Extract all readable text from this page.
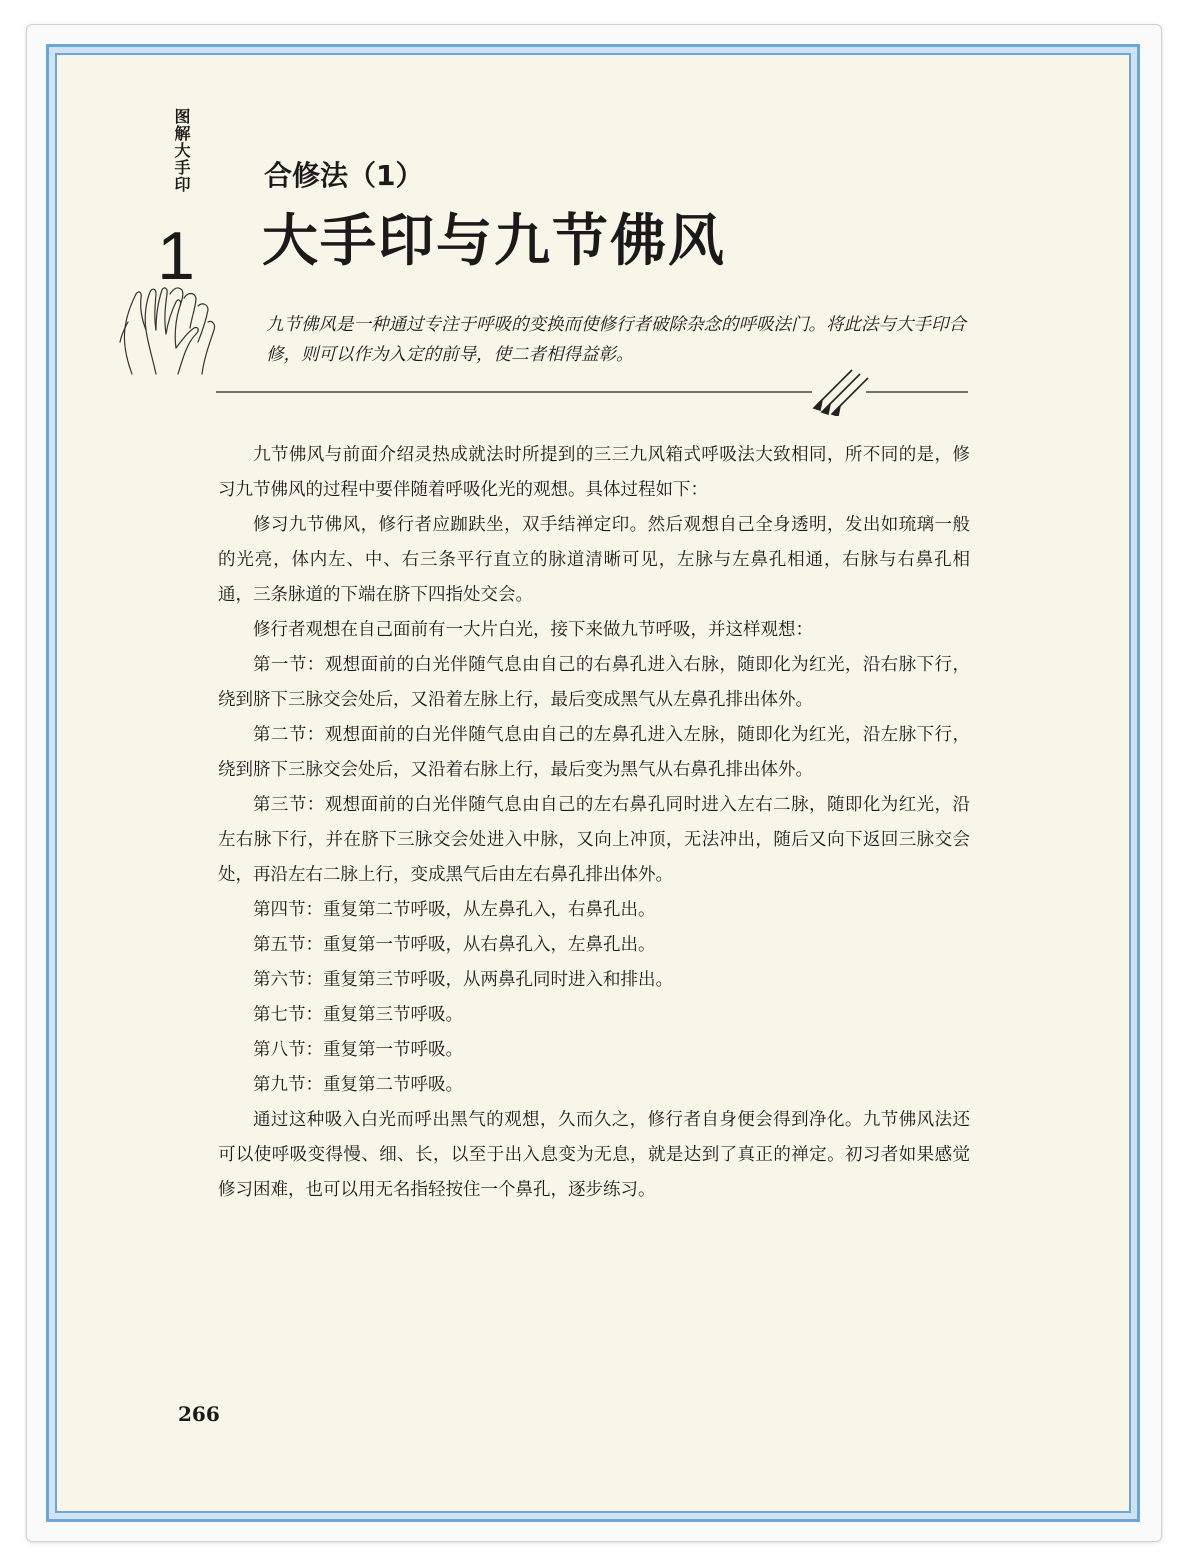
图解大手印
1
合修法（1）
大手印与九节佛风
九节佛风是一种通过专注于呼吸的变换而使修行者破除杂念的呼吸法门。将此法与大手印合修，则可以作为入定的前导，使二者相得益彰。

九节佛风与前面介绍灵热成就法时所提到的三三九风箱式呼吸法大致相同，所不同的是，修习九节佛风的过程中要伴随着呼吸化光的观想。具体过程如下：

修习九节佛风，修行者应跏趺坐，双手结禅定印。然后观想自己全身透明，发出如琉璃一般的光亮，体内左、中、右三条平行直立的脉道清晰可见，左脉与左鼻孔相通，右脉与右鼻孔相通，三条脉道的下端在脐下四指处交会。

修行者观想在自己面前有一大片白光，接下来做九节呼吸，并这样观想：

第一节：观想面前的白光伴随气息由自己的右鼻孔进入右脉，随即化为红光，沿右脉下行，绕到脐下三脉交会处后，又沿着左脉上行，最后变成黑气从左鼻孔排出体外。

第二节：观想面前的白光伴随气息由自己的左鼻孔进入左脉，随即化为红光，沿左脉下行，绕到脐下三脉交会处后，又沿着右脉上行，最后变为黑气从右鼻孔排出体外。

第三节：观想面前的白光伴随气息由自己的左右鼻孔同时进入左右二脉，随即化为红光，沿左右脉下行，并在脐下三脉交会处进入中脉，又向上冲顶，无法冲出，随后又向下返回三脉交会处，再沿左右二脉上行，变成黑气后由左右鼻孔排出体外。

第四节：重复第二节呼吸，从左鼻孔入，右鼻孔出。

第五节：重复第一节呼吸，从右鼻孔入，左鼻孔出。

第六节：重复第三节呼吸，从两鼻孔同时进入和排出。

第七节：重复第三节呼吸。

第八节：重复第一节呼吸。

第九节：重复第二节呼吸。

通过这种吸入白光而呼出黑气的观想，久而久之，修行者自身便会得到净化。九节佛风法还可以使呼吸变得慢、细、长，以至于出入息变为无息，就是达到了真正的禅定。初习者如果感觉修习困难，也可以用无名指轻按住一个鼻孔，逐步练习。

266
